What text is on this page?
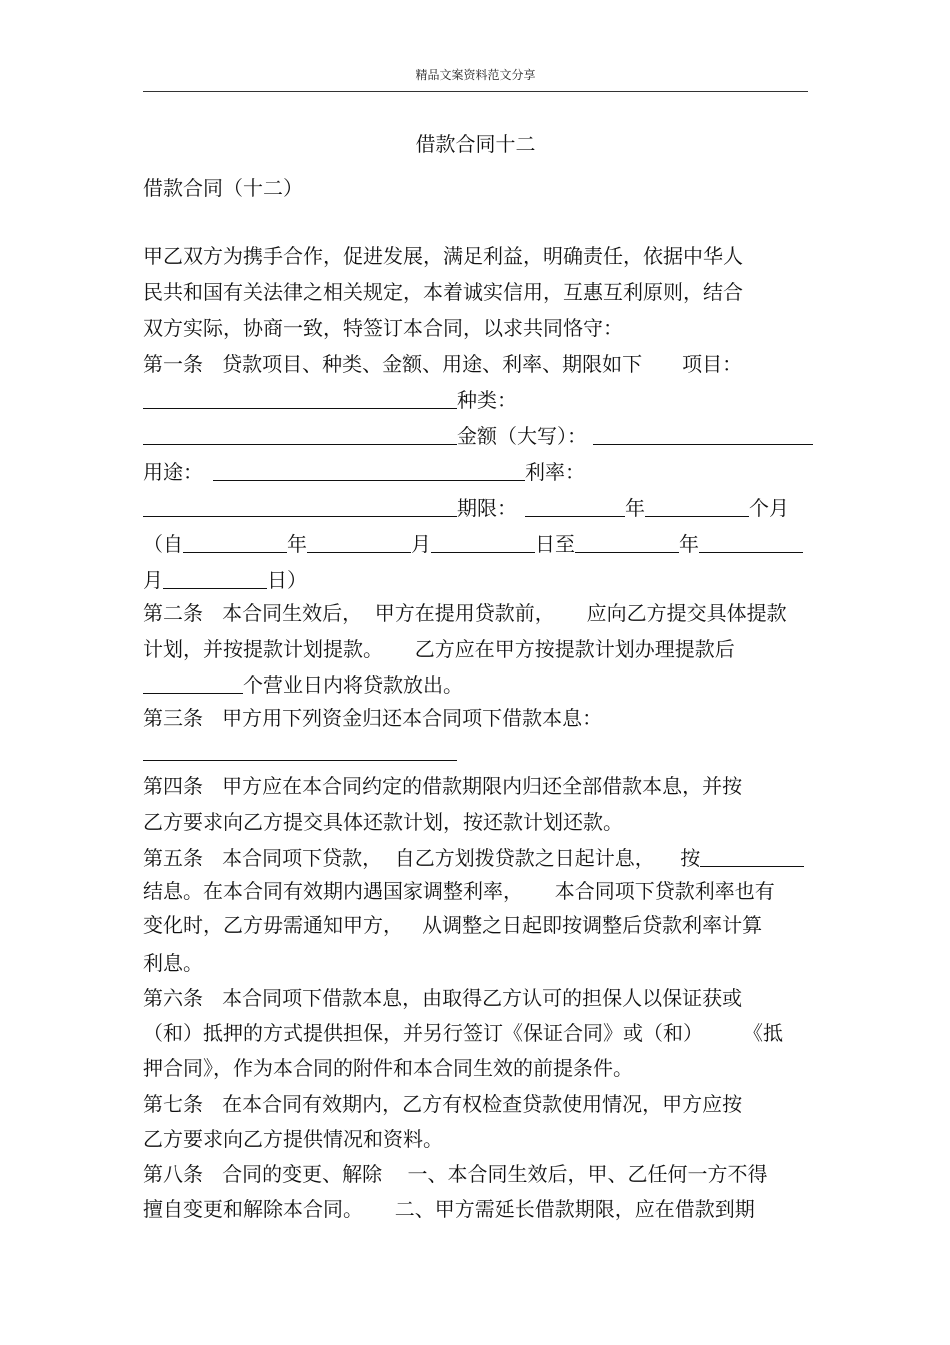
精品文案资料范文分享
借款合同十二
借款合同（十二）
甲乙双方为携手合作，促进发展，满足利益，明确责任，依据中华人
民共和国有关法律之相关规定，本着诚实信用，互惠互利原则，结合
双方实际，协商一致，特签订本合同，以求共同恪守：
第一条   贷款项目、种类、金额、用途、利率、期限如下 项目：
种类：
金额（大写）：
用途：	利率：
期限：	年	个月
（自	年	月	日至	年
月	日）
第二条   本合同生效后，  甲方在提用贷款前，     应向乙方提交具体提款
计划，并按提款计划提款。     乙方应在甲方按提款计划办理提款后
个营业日内将贷款放出。
第三条   甲方用下列资金归还本合同项下借款本息：
第四条   甲方应在本合同约定的借款期限内归还全部借款本息，并按
乙方要求向乙方提交具体还款计划，按还款计划还款。
第五条   本合同项下贷款，  自乙方划拨贷款之日起计息，    按
结息。在本合同有效期内遇国家调整利率，     本合同项下贷款利率也有
变化时，乙方毋需通知甲方，   从调整之日起即按调整后贷款利率计算
利息。
第六条   本合同项下借款本息，由取得乙方认可的担保人以保证获或
（和）抵押的方式提供担保，并另行签订《保证合同》或（和） 《抵
押合同》，作为本合同的附件和本合同生效的前提条件。
第七条   在本合同有效期内，乙方有权检查贷款使用情况，甲方应按
乙方要求向乙方提供情况和资料。
第八条   合同的变更、解除    一、本合同生效后，甲、乙任何一方不得
擅自变更和解除本合同。     二、甲方需延长借款期限，应在借款到期
